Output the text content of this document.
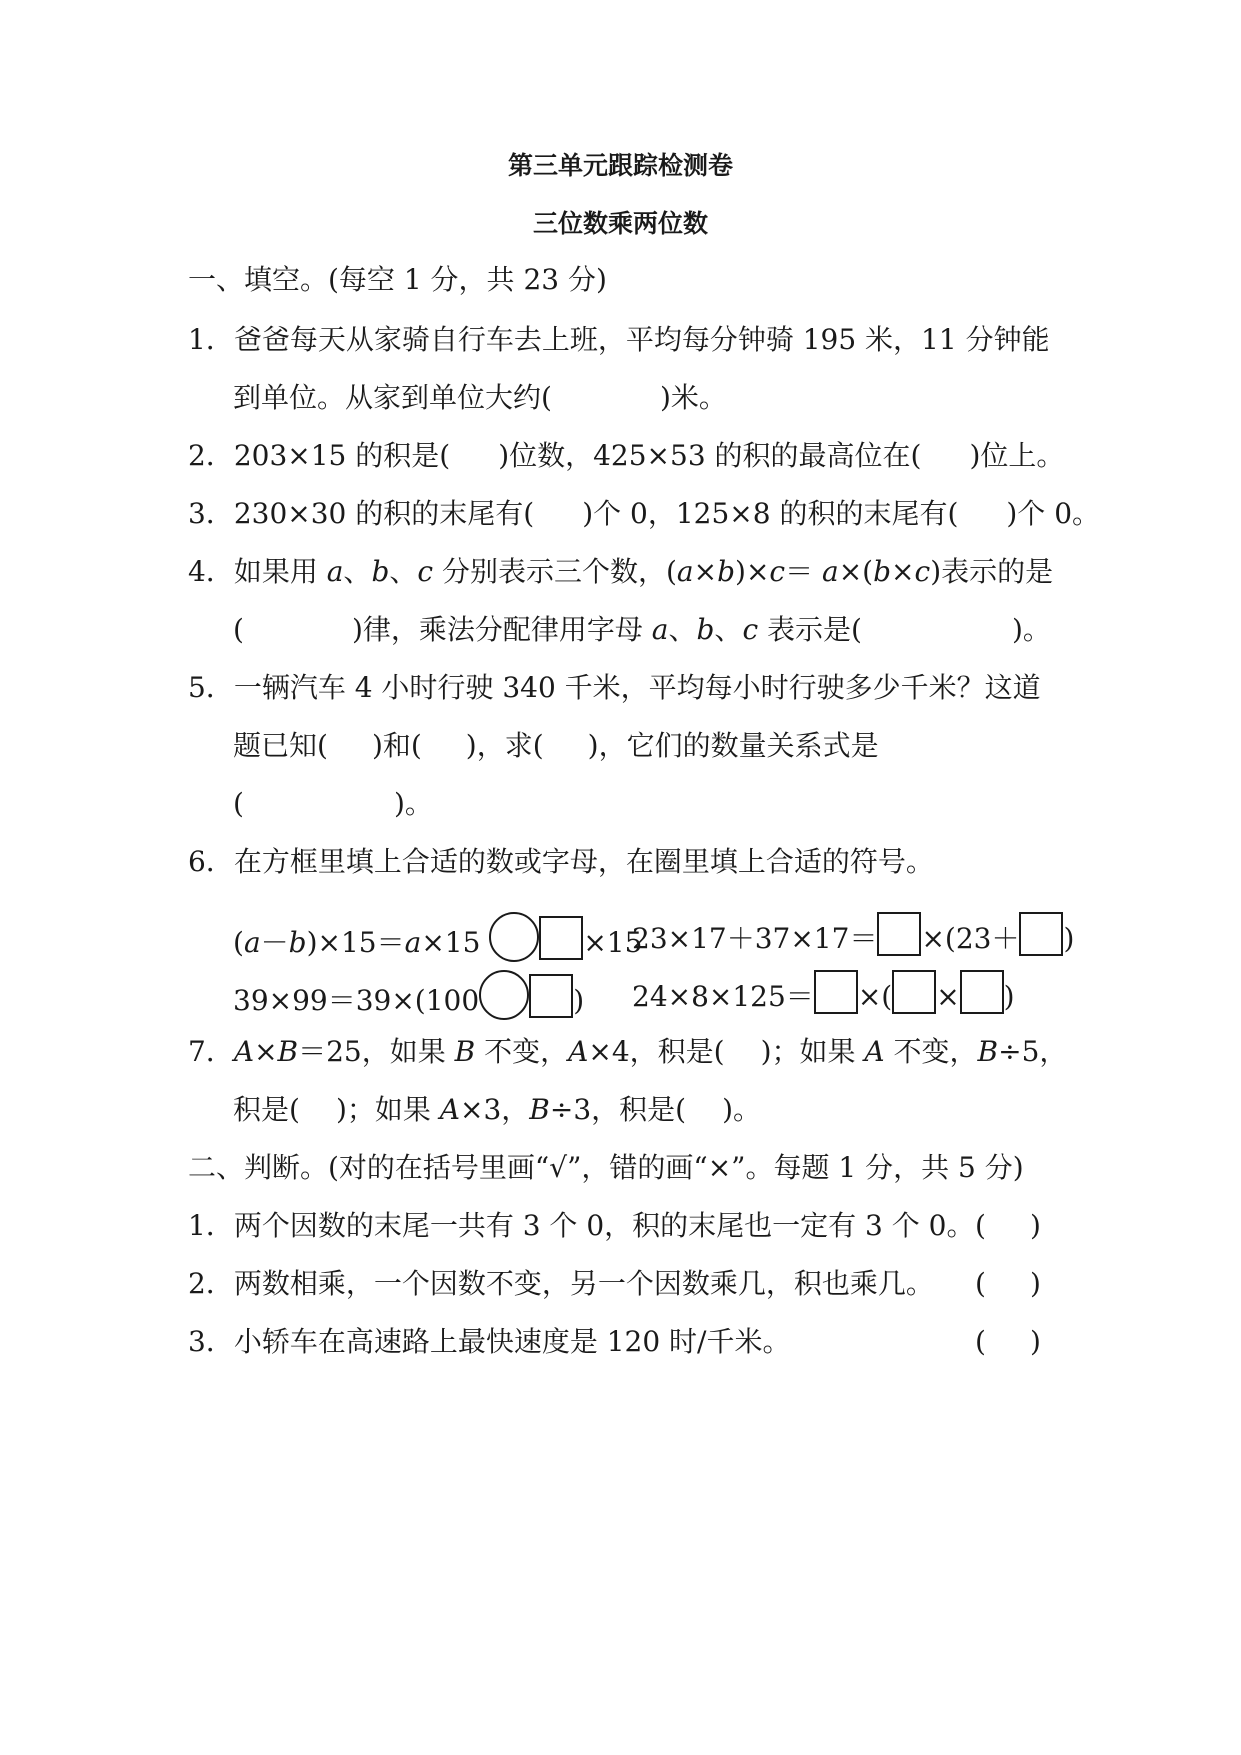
第三单元跟踪检测卷
三位数乘两位数
一、填空。(每空 1 分，共 23 分)
1．爸爸每天从家骑自行车去上班，平均每分钟骑 195 米，11 分钟能
到单位。从家到单位大约(	)米。
2．203×15 的积是( )位数，425×53 的积的最高位在( )位上。
3．230×30 的积的末尾有( )个 0，125×8 的积的末尾有( )个 0。
4．如果用 a、b、c 分别表示三个数，(a×b)×c＝ a×(b×c)表示的是
(	)律，乘法分配律用字母 a、b、c 表示是(	)。
5．一辆汽车 4 小时行驶 340 千米，平均每小时行驶多少千米？这道
题已知( )和( )，求( )，它们的数量关系式是
(	)。
6．在方框里填上合适的数或字母，在圈里填上合适的符号。
(a－b)×15＝a×15	×15
23×17＋37×17＝ ×(23＋ )
39×99＝39×(100	) 24×8×125＝ ×( × )
7．A×B＝25，如果 B 不变，A×4，积是( )；如果 A 不变，B÷5，
积是( )；如果 A×3，B÷3，积是( )。
二、判断。(对的在括号里画“√”，错的画“×”。每题 1 分，共 5 分)
1．两个因数的末尾一共有 3 个 0，积的末尾也一定有 3 个 0。 ( )
2．两数相乘，一个因数不变，另一个因数乘几，积也乘几。 ( )
3．小轿车在高速路上最快速度是 120 时/千米。	( )
